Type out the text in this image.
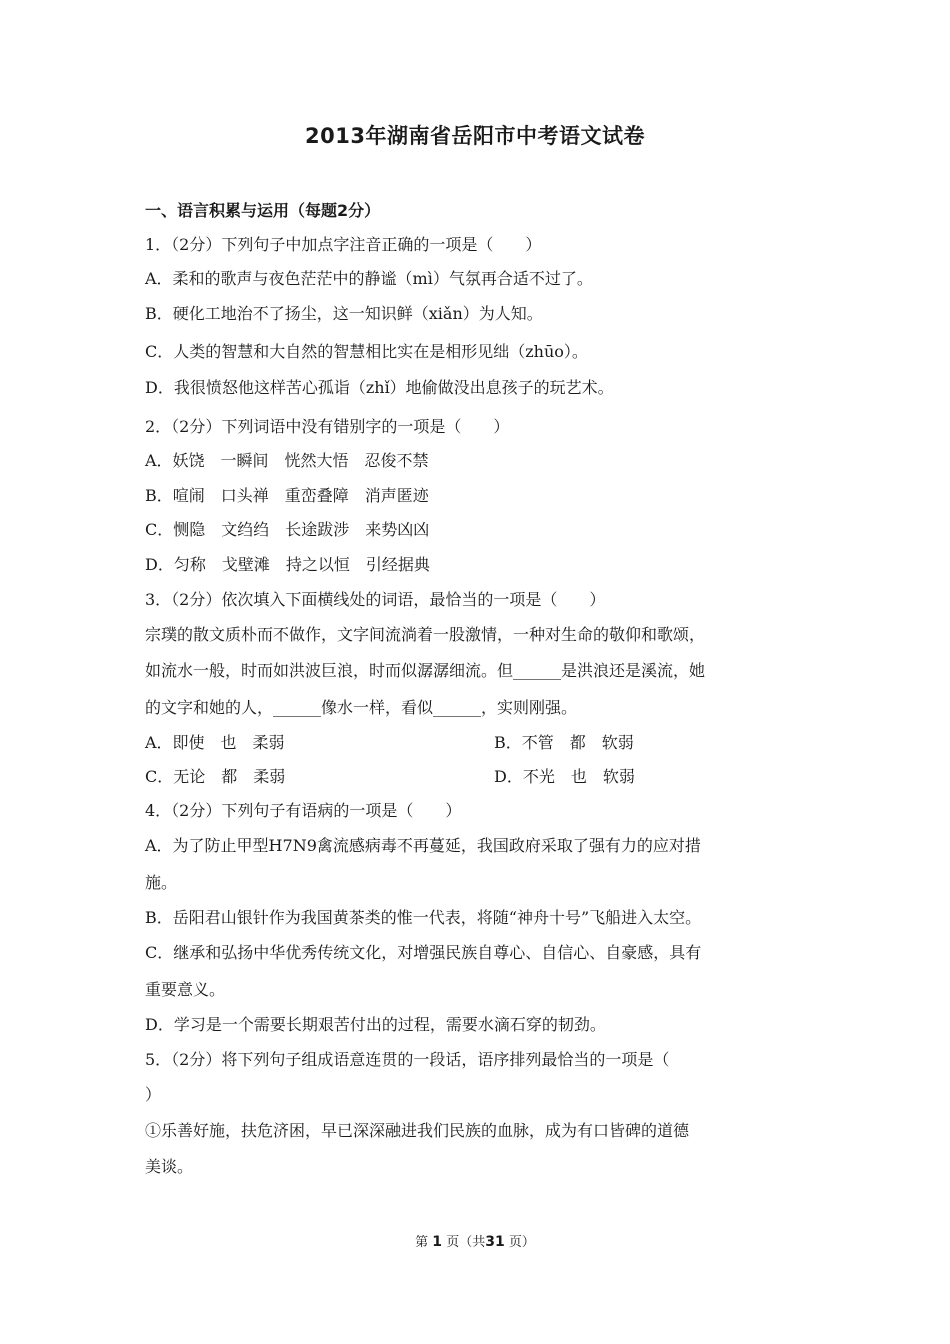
2013年湖南省岳阳市中考语文试卷
一、语言积累与运用（每题2分）
1．（2分）下列句子中加点字注音正确的一项是（　　）
A．柔和的歌声与夜色茫茫中的静谧（mì）气氛再合适不过了。
B．硬化工地治不了扬尘，这一知识鲜（xiǎn）为人知。
C．人类的智慧和大自然的智慧相比实在是相形见绌（zhūo）。
D．我很愤怒他这样苦心孤诣（zhǐ）地偷做没出息孩子的玩艺术。
2．（2分）下列词语中没有错别字的一项是（　　）
A．妖饶　一瞬间　恍然大悟　忍俊不禁
B．喧闹　口头禅　重峦叠障　消声匿迹
C．恻隐　文绉绉　长途跋涉　来势凶凶
D．匀称　戈壁滩　持之以恒　引经据典
3．（2分）依次填入下面横线处的词语，最恰当的一项是（　　）
宗璞的散文质朴而不做作，文字间流淌着一股激情，一种对生命的敬仰和歌颂，
如流水一般，时而如洪波巨浪，时而似潺潺细流。但______是洪浪还是溪流，她
的文字和她的人，______像水一样，看似______，实则刚强。
A．即使　也　柔弱	B．不管　都　软弱
C．无论　都　柔弱	D．不光　也　软弱
4．（2分）下列句子有语病的一项是（　　）
A．为了防止甲型H7N9禽流感病毒不再蔓延，我国政府采取了强有力的应对措
施。
B．岳阳君山银针作为我国黄茶类的惟一代表，将随“神舟十号”飞船进入太空。
C．继承和弘扬中华优秀传统文化，对增强民族自尊心、自信心、自豪感，具有
重要意义。
D．学习是一个需要长期艰苦付出的过程，需要水滴石穿的韧劲。
5．（2分）将下列句子组成语意连贯的一段话，语序排列最恰当的一项是（
）
①乐善好施，扶危济困，早已深深融进我们民族的血脉，成为有口皆碑的道德
美谈。
第 1 页（共31 页）
